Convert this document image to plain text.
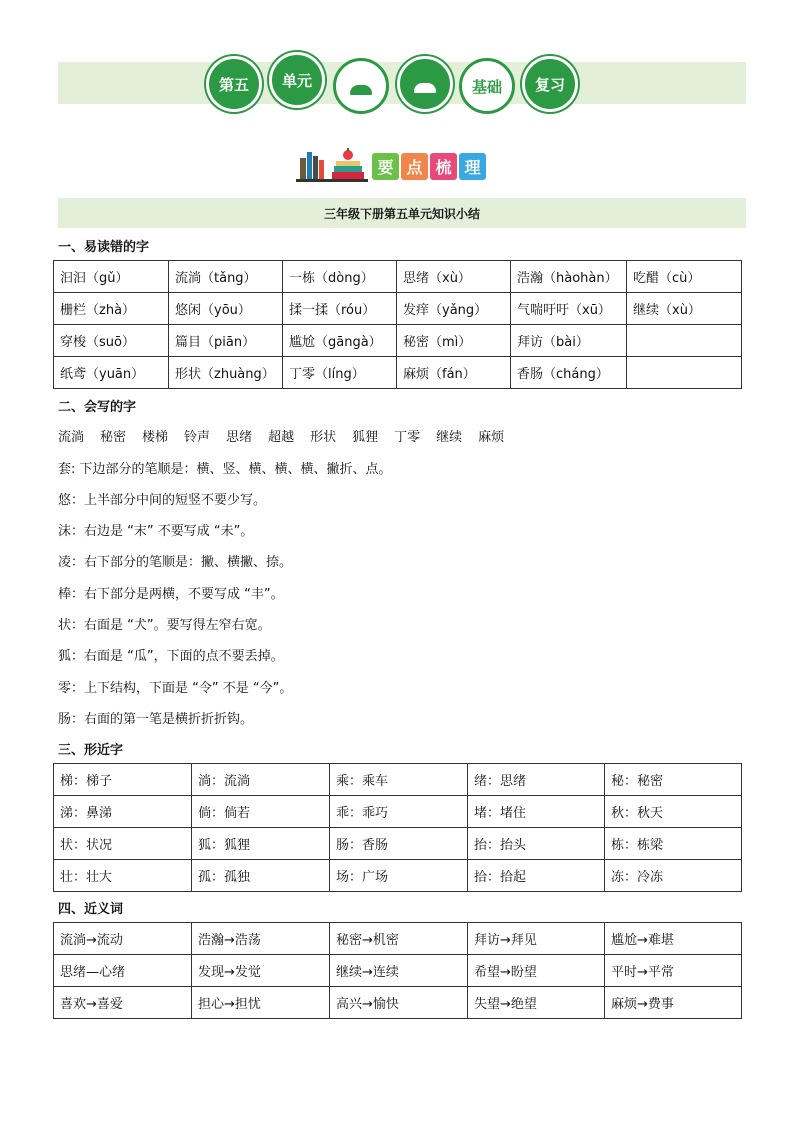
第五	单元	基础	复习
要 点 梳 理
三年级下册第五单元知识小结
一、易读错的字
汩汩（gǔ）	流淌（tǎng）	一栋（dòng）	思绪（xù）	浩瀚（hàohàn）	吃醋（cù）
栅栏（zhà）	悠闲（yōu）	揉一揉（róu）	发痒（yǎng）	气喘吁吁（xū）	继续（xù）
穿梭（suō）	篇目（piān）	尴尬（gāngà）	秘密（mì）	拜访（bài）	
纸鸢（yuān）	形状（zhuàng）	丁零（líng）	麻烦（fán）	香肠（cháng）	
二、会写的字
流淌 秘密 楼梯 铃声 思绪 超越 形状 狐狸 丁零 继续 麻烦
套: 下边部分的笔顺是：横、竖、横、横、横、撇折、点。
悠：上半部分中间的短竖不要少写。
沫：右边是 “末” 不要写成 “未”。
凌：右下部分的笔顺是：撇、横撇、捺。
棒：右下部分是两横，不要写成 “丰”。
状：右面是 “犬”。要写得左窄右宽。
狐：右面是 “瓜”，下面的点不要丢掉。
零：上下结构，下面是 “令” 不是 “今”。
肠：右面的第一笔是横折折折钩。
三、形近字
梯：梯子	淌：流淌	乘：乘车	绪：思绪	秘：秘密
涕：鼻涕	倘：倘若	乖：乖巧	堵：堵住	秋：秋天
状：状况	狐：狐狸	肠：香肠	抬：抬头	栋：栋梁
壮：壮大	孤：孤独	场：广场	拾：拾起	冻：冷冻
四、近义词
流淌→流动	浩瀚→浩荡	秘密→机密	拜访→拜见	尴尬→难堪
思绪—心绪	发现→发觉	继续→连续	希望→盼望	平时→平常
喜欢→喜爱	担心→担忧	高兴→愉快	失望→绝望	麻烦→费事
